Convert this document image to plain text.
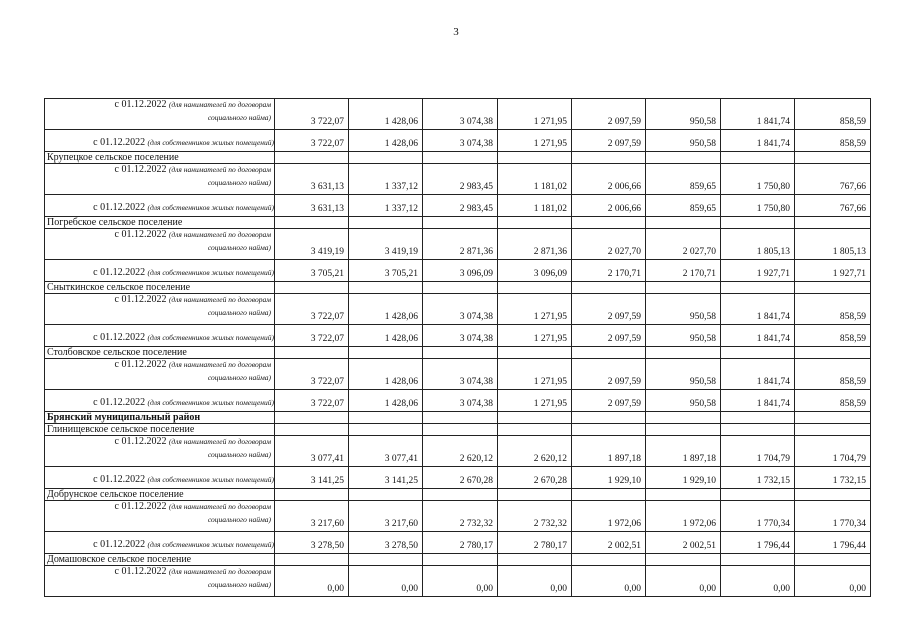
3
с 01.12.2022 (для нанимателей по договорам
социального найма)	3 722,07	1 428,06	3 074,38	1 271,95	2 097,59	950,58	1 841,74	858,59

с 01.12.2022 (для собственников жилых помещений)	3 722,07	1 428,06	3 074,38	1 271,95	2 097,59	950,58	1 841,74	858,59
Крупецкое сельское поселение								

с 01.12.2022 (для нанимателей по договорам
социального найма)	3 631,13	1 337,12	2 983,45	1 181,02	2 006,66	859,65	1 750,80	767,66

с 01.12.2022 (для собственников жилых помещений)	3 631,13	1 337,12	2 983,45	1 181,02	2 006,66	859,65	1 750,80	767,66
Погребское сельское поселение								

с 01.12.2022 (для нанимателей по договорам
социального найма)	3 419,19	3 419,19	2 871,36	2 871,36	2 027,70	2 027,70	1 805,13	1 805,13

с 01.12.2022 (для собственников жилых помещений)	3 705,21	3 705,21	3 096,09	3 096,09	2 170,71	2 170,71	1 927,71	1 927,71
Сныткинское сельское поселение								

с 01.12.2022 (для нанимателей по договорам
социального найма)	3 722,07	1 428,06	3 074,38	1 271,95	2 097,59	950,58	1 841,74	858,59

с 01.12.2022 (для собственников жилых помещений)	3 722,07	1 428,06	3 074,38	1 271,95	2 097,59	950,58	1 841,74	858,59
Столбовское сельское поселение								

с 01.12.2022 (для нанимателей по договорам
социального найма)	3 722,07	1 428,06	3 074,38	1 271,95	2 097,59	950,58	1 841,74	858,59

с 01.12.2022 (для собственников жилых помещений)	3 722,07	1 428,06	3 074,38	1 271,95	2 097,59	950,58	1 841,74	858,59
Брянский муниципальный район								
Глинищевское сельское поселение								

с 01.12.2022 (для нанимателей по договорам
социального найма)	3 077,41	3 077,41	2 620,12	2 620,12	1 897,18	1 897,18	1 704,79	1 704,79

с 01.12.2022 (для собственников жилых помещений)	3 141,25	3 141,25	2 670,28	2 670,28	1 929,10	1 929,10	1 732,15	1 732,15
Добрунское сельское поселение								

с 01.12.2022 (для нанимателей по договорам
социального найма)	3 217,60	3 217,60	2 732,32	2 732,32	1 972,06	1 972,06	1 770,34	1 770,34

с 01.12.2022 (для собственников жилых помещений)	3 278,50	3 278,50	2 780,17	2 780,17	2 002,51	2 002,51	1 796,44	1 796,44
Домашовское сельское поселение								

с 01.12.2022 (для нанимателей по договорам
социального найма)	0,00	0,00	0,00	0,00	0,00	0,00	0,00	0,00
